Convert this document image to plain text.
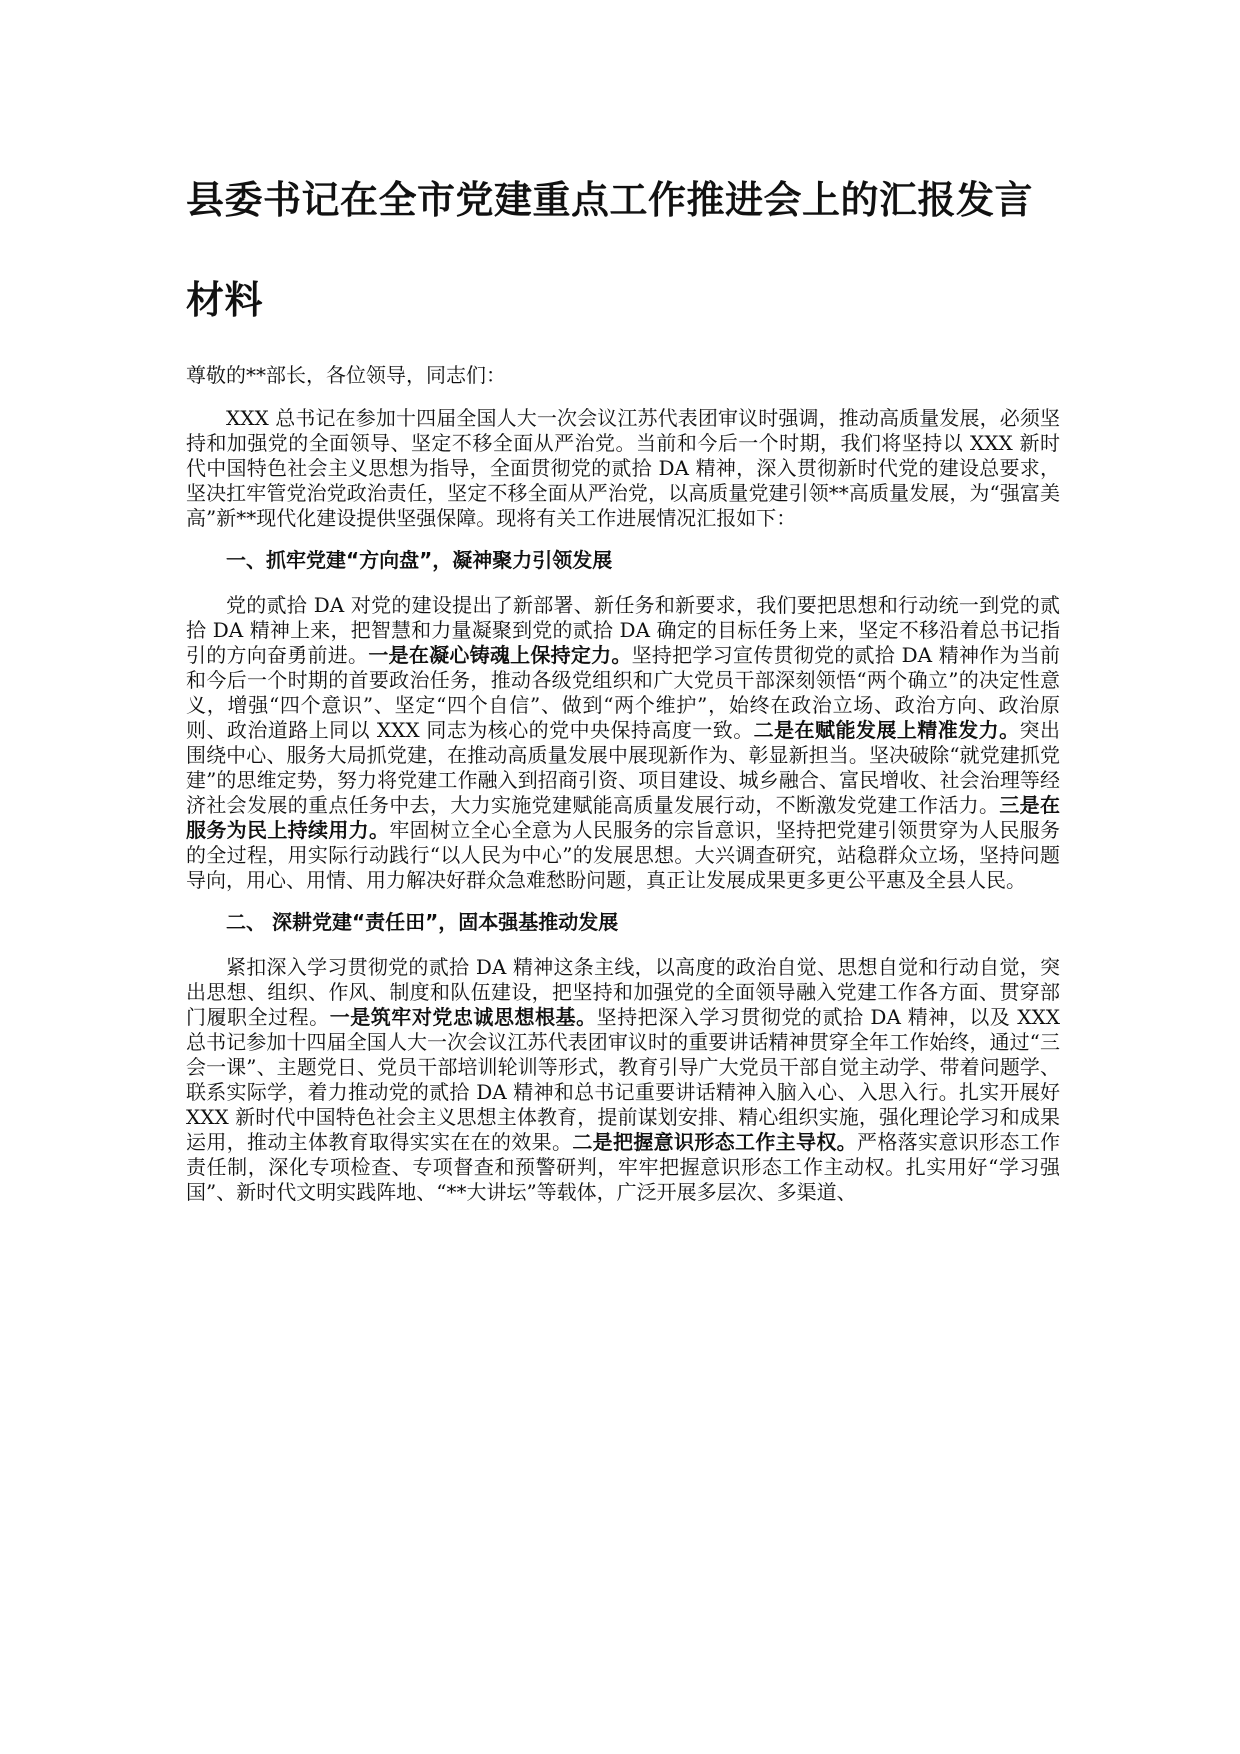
县委书记在全市党建重点工作推进会上的汇报发言材料

尊敬的**部长，各位领导，同志们：

XXX 总书记在参加十四届全国人大一次会议江苏代表团审议时强调，推动高质量发展，必须坚持和加强党的全面领导、坚定不移全面从严治党。当前和今后一个时期，我们将坚持以 XXX 新时代中国特色社会主义思想为指导，全面贯彻党的贰拾 DA 精神，深入贯彻新时代党的建设总要求，坚决扛牢管党治党政治责任，坚定不移全面从严治党，以高质量党建引领**高质量发展，为“强富美高”新**现代化建设提供坚强保障。现将有关工作进展情况汇报如下：

一、抓牢党建“方向盘”，凝神聚力引领发展

党的贰拾 DA 对党的建设提出了新部署、新任务和新要求，我们要把思想和行动统一到党的贰拾 DA 精神上来，把智慧和力量凝聚到党的贰拾 DA 确定的目标任务上来，坚定不移沿着总书记指引的方向奋勇前进。一是在凝心铸魂上保持定力。坚持把学习宣传贯彻党的贰拾 DA 精神作为当前和今后一个时期的首要政治任务，推动各级党组织和广大党员干部深刻领悟“两个确立”的决定性意义，增强“四个意识”、坚定“四个自信”、做到“两个维护”，始终在政治立场、政治方向、政治原则、政治道路上同以 XXX 同志为核心的党中央保持高度一致。二是在赋能发展上精准发力。突出围绕中心、服务大局抓党建，在推动高质量发展中展现新作为、彰显新担当。坚决破除“就党建抓党建”的思维定势，努力将党建工作融入到招商引资、项目建设、城乡融合、富民增收、社会治理等经济社会发展的重点任务中去，大力实施党建赋能高质量发展行动，不断激发党建工作活力。三是在服务为民上持续用力。牢固树立全心全意为人民服务的宗旨意识，坚持把党建引领贯穿为人民服务的全过程，用实际行动践行“以人民为中心”的发展思想。大兴调查研究，站稳群众立场，坚持问题导向，用心、用情、用力解决好群众急难愁盼问题，真正让发展成果更多更公平惠及全县人民。

二、 深耕党建“责任田”，固本强基推动发展

紧扣深入学习贯彻党的贰拾 DA 精神这条主线，以高度的政治自觉、思想自觉和行动自觉，突出思想、组织、作风、制度和队伍建设，把坚持和加强党的全面领导融入党建工作各方面、贯穿部门履职全过程。一是筑牢对党忠诚思想根基。坚持把深入学习贯彻党的贰拾 DA 精神，以及 XXX 总书记参加十四届全国人大一次会议江苏代表团审议时的重要讲话精神贯穿全年工作始终，通过“三会一课”、主题党日、党员干部培训轮训等形式，教育引导广大党员干部自觉主动学、带着问题学、联系实际学，着力推动党的贰拾 DA 精神和总书记重要讲话精神入脑入心、入思入行。扎实开展好 XXX 新时代中国特色社会主义思想主体教育，提前谋划安排、精心组织实施，强化理论学习和成果运用，推动主体教育取得实实在在的效果。二是把握意识形态工作主导权。严格落实意识形态工作责任制，深化专项检查、专项督查和预警研判，牢牢把握意识形态工作主动权。扎实用好“学习强国”、新时代文明实践阵地、“**大讲坛”等载体，广泛开展多层次、多渠道、
